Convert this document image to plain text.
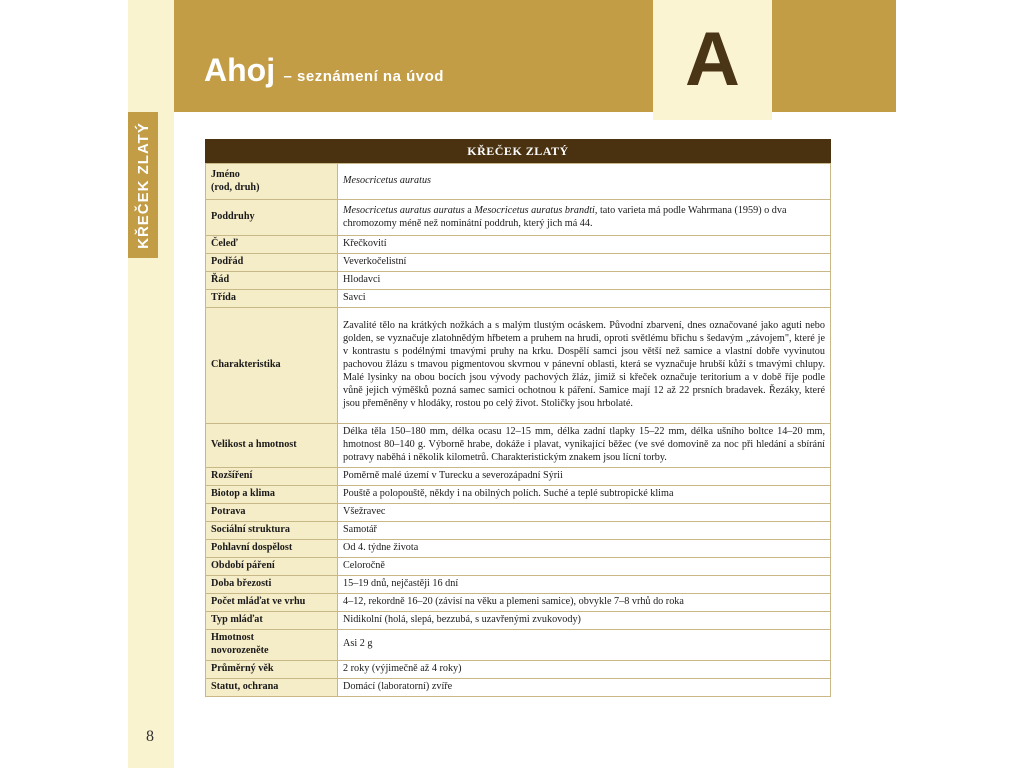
KŘEČEK ZLATÝ
8
Ahoj – seznámení na úvod	A
KŘEČEK ZLATÝ
Jméno
(rod, druh)	Mesocricetus auratus
Poddruhy	Mesocricetus auratus auratus a Mesocricetus auratus brandti, tato varieta má podle Wahrmana (1959) o dva chromozomy méně než nominátní poddruh, který jich má 44.
Čeleď	Křečkovití
Podřád	Veverkočelistní
Řád	Hlodavci
Třída	Savci
Charakteristika	Zavalité tělo na krátkých nožkách a s malým tlustým ocáskem. Původní zbarvení, dnes označované jako aguti nebo golden, se vyznačuje zlatohnědým hřbetem a pruhem na hrudi, oproti světlému břichu s šedavým „závojem", které je v kontrastu s podélnými tmavými pruhy na krku. Dospělí samci jsou větší než samice a vlastní dobře vyvinutou pachovou žlázu s tmavou pigmentovou skvrnou v pánevní oblasti, která se vyznačuje hrubší kůží s tmavými chlupy. Malé lysinky na obou bocích jsou vývody pachových žláz, jimiž si křeček označuje teritorium a v době říje podle vůně jejich výměšků pozná samec samici ochotnou k páření. Samice mají 12 až 22 prsních bradavek. Řezáky, které jsou přeměněny v hlodáky, rostou po celý život. Stoličky jsou hrbolaté.
Velikost a hmotnost	Délka těla 150–180 mm, délka ocasu 12–15 mm, délka zadní tlapky 15–22 mm, délka ušního boltce 14–20 mm, hmotnost 80–140 g. Výborně hrabe, dokáže i plavat, vynikající běžec (ve své domovině za noc při hledání a sbírání potravy naběhá i několik kilometrů. Charakteristickým znakem jsou lícní torby.
Rozšíření	Poměrně malé území v Turecku a severozápadní Sýrii
Biotop a klima	Pouště a polopouště, někdy i na obilných polích. Suché a teplé subtropické klima
Potrava	Všežravec
Sociální struktura	Samotář
Pohlavní dospělost	Od 4. týdne života
Období páření	Celoročně
Doba březosti	15–19 dnů, nejčastěji 16 dní
Počet mláďat ve vrhu	4–12, rekordně 16–20 (závisí na věku a plemeni samice), obvykle 7–8 vrhů do roka
Typ mláďat	Nidikolní (holá, slepá, bezzubá, s uzavřenými zvukovody)
Hmotnost
novorozeněte	Asi 2 g
Průměrný věk	2 roky (výjimečně až 4 roky)
Statut, ochrana	Domácí (laboratorní) zvíře
